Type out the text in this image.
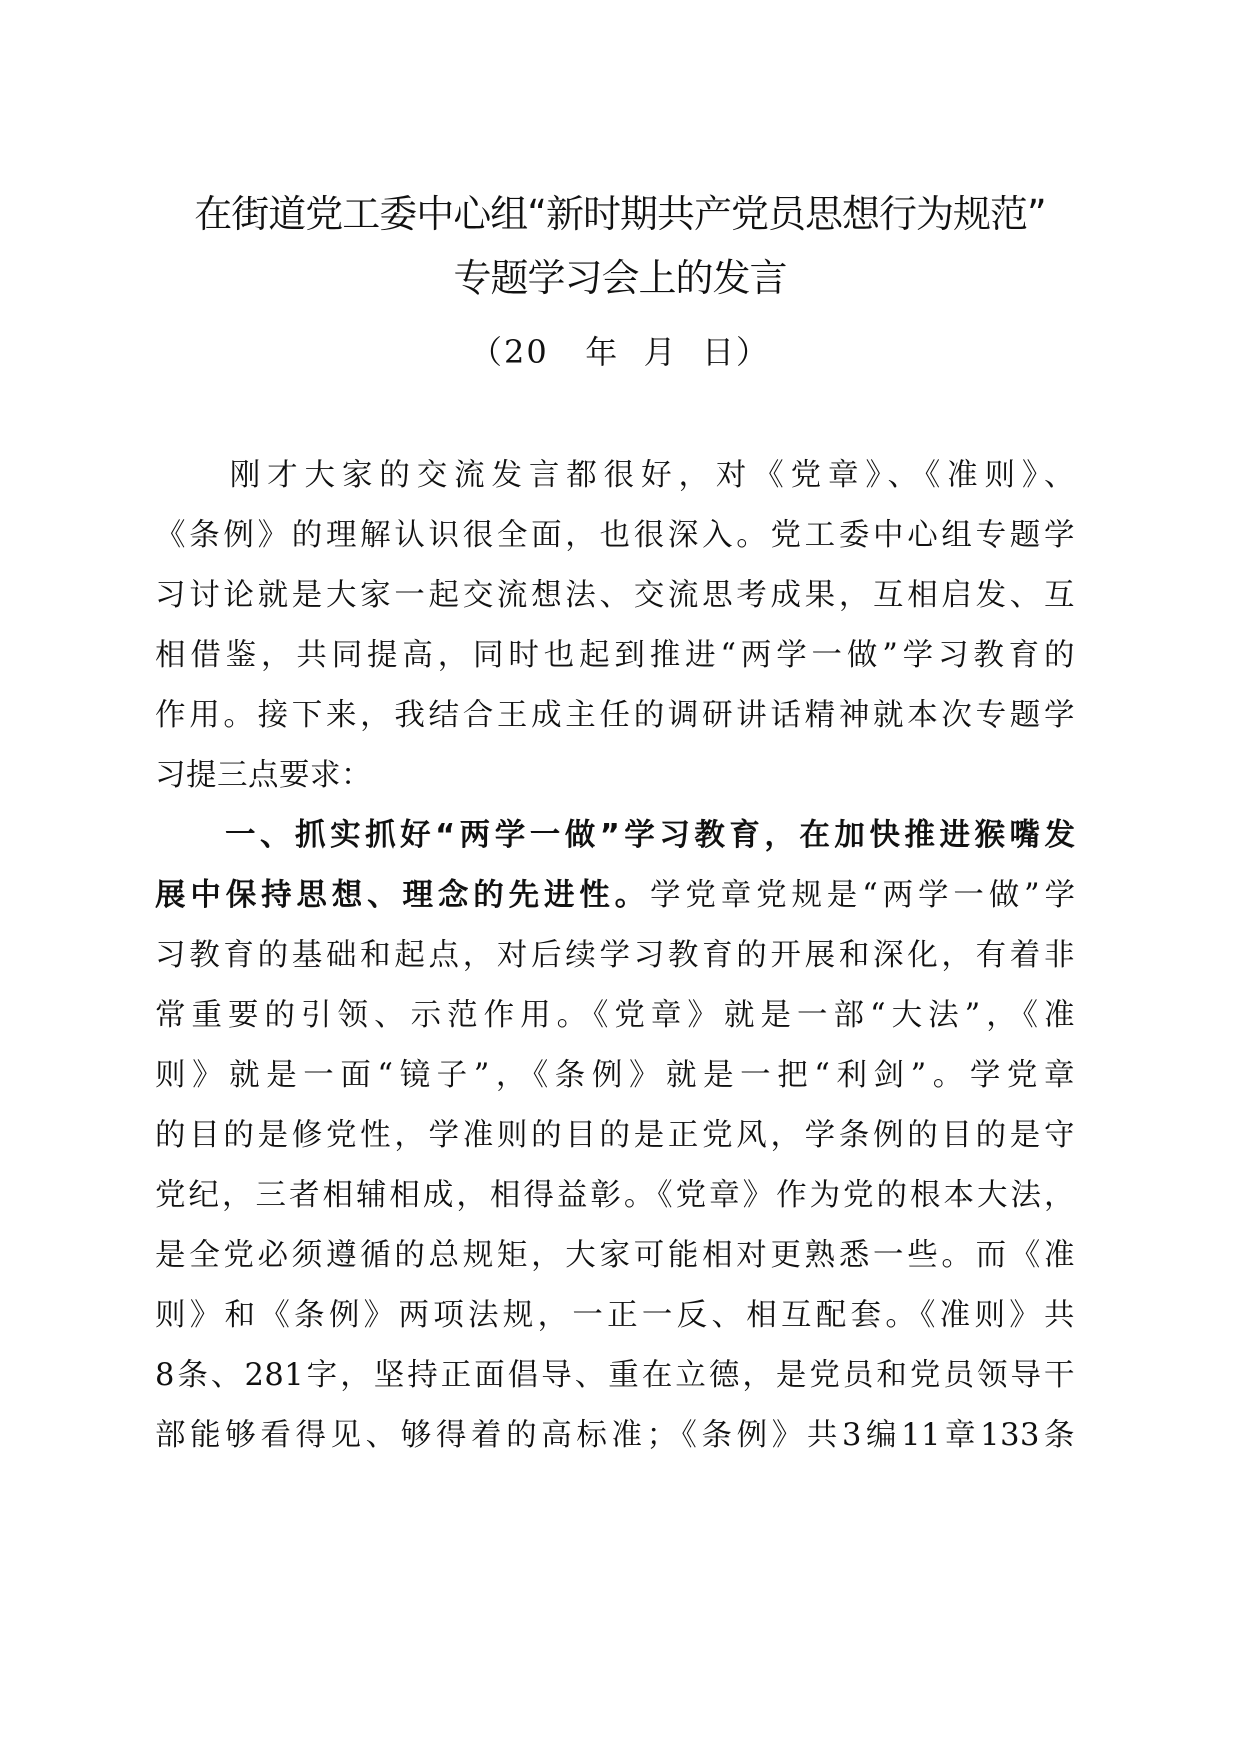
在街道党工委中心组“新时期共产党员思想行为规范”
专题学习会上的发言
（20   年  月  日）
　　刚才大家的交流发言都很好，对《党章》、《准则》、
《条例》的理解认识很全面，也很深入。党工委中心组专题学
习讨论就是大家一起交流想法、交流思考成果，互相启发、互
相借鉴，共同提高，同时也起到推进“两学一做”学习教育的
作用。接下来，我结合王成主任的调研讲话精神就本次专题学
习提三点要求：
　　一、抓实抓好“两学一做”学习教育，在加快推进猴嘴发
展中保持思想、理念的先进性。学党章党规是“两学一做”学
习教育的基础和起点，对后续学习教育的开展和深化，有着非
常重要的引领、示范作用。《党章》就是一部“大法”，《准
则》就是一面“镜子”，《条例》就是一把“利剑”。学党章
的目的是修党性，学准则的目的是正党风，学条例的目的是守
党纪，三者相辅相成，相得益彰。《党章》作为党的根本大法，
是全党必须遵循的总规矩，大家可能相对更熟悉一些。而《准
则》和《条例》两项法规，一正一反、相互配套。《准则》共
8条、281字，坚持正面倡导、重在立德，是党员和党员领导干
部能够看得见、够得着的高标准；《条例》共3编11章133条
